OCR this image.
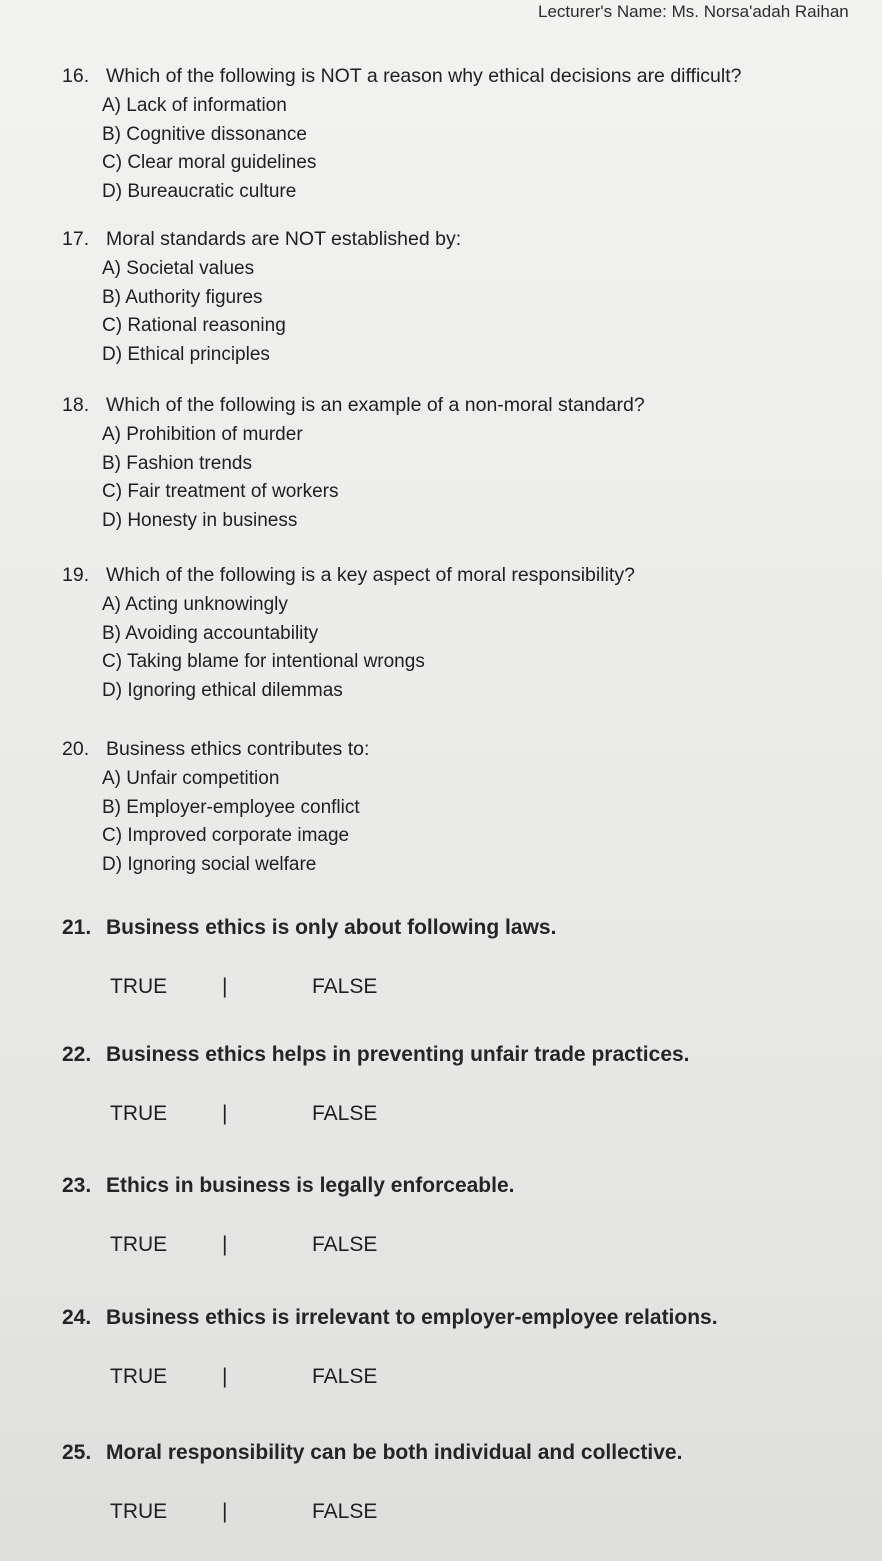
Lecturer's Name: Ms. Norsa'adah Raihan
16. Which of the following is NOT a reason why ethical decisions are difficult?
A) Lack of information
B) Cognitive dissonance
C) Clear moral guidelines
D) Bureaucratic culture
17. Moral standards are NOT established by:
A) Societal values
B) Authority figures
C) Rational reasoning
D) Ethical principles
18. Which of the following is an example of a non-moral standard?
A) Prohibition of murder
B) Fashion trends
C) Fair treatment of workers
D) Honesty in business
19. Which of the following is a key aspect of moral responsibility?
A) Acting unknowingly
B) Avoiding accountability
C) Taking blame for intentional wrongs
D) Ignoring ethical dilemmas
20. Business ethics contributes to:
A) Unfair competition
B) Employer-employee conflict
C) Improved corporate image
D) Ignoring social welfare
21. Business ethics is only about following laws.
TRUE	|	FALSE
22. Business ethics helps in preventing unfair trade practices.
TRUE	|	FALSE
23. Ethics in business is legally enforceable.
TRUE	|	FALSE
24. Business ethics is irrelevant to employer-employee relations.
TRUE	|	FALSE
25. Moral responsibility can be both individual and collective.
TRUE	|	FALSE
